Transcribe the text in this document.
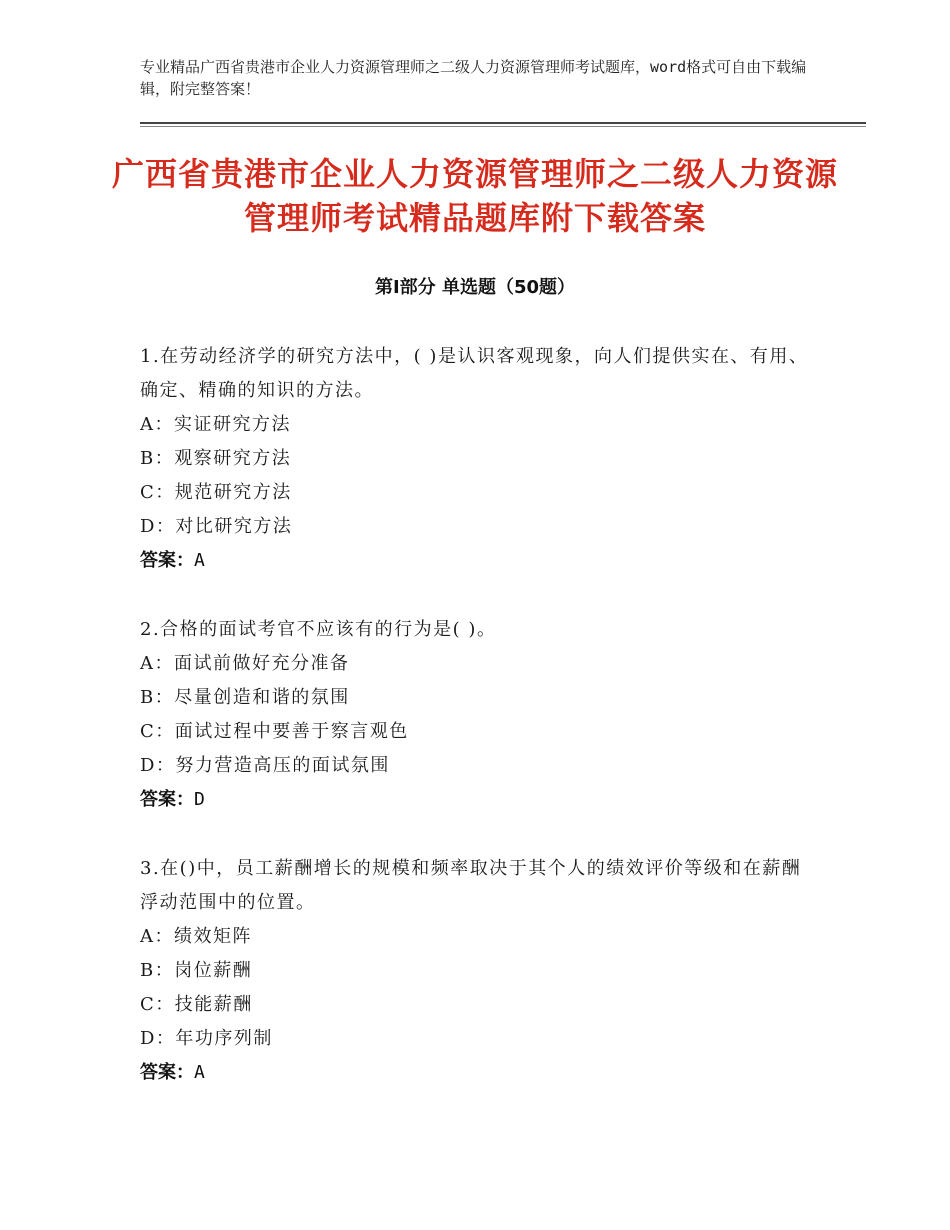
专业精品广西省贵港市企业人力资源管理师之二级人力资源管理师考试题库，word格式可自由下载编辑，附完整答案！
广西省贵港市企业人力资源管理师之二级人力资源管理师考试精品题库附下载答案
第Ⅰ部分 单选题（50题）
1.在劳动经济学的研究方法中，( )是认识客观现象，向人们提供实在、有用、确定、精确的知识的方法。
A：实证研究方法
B：观察研究方法
C：规范研究方法
D：对比研究方法
答案：A
2.合格的面试考官不应该有的行为是( )。
A：面试前做好充分准备
B：尽量创造和谐的氛围
C：面试过程中要善于察言观色
D：努力营造高压的面试氛围
答案：D
3.在()中，员工薪酬增长的规模和频率取决于其个人的绩效评价等级和在薪酬浮动范围中的位置。
A：绩效矩阵
B：岗位薪酬
C：技能薪酬
D：年功序列制
答案：A
